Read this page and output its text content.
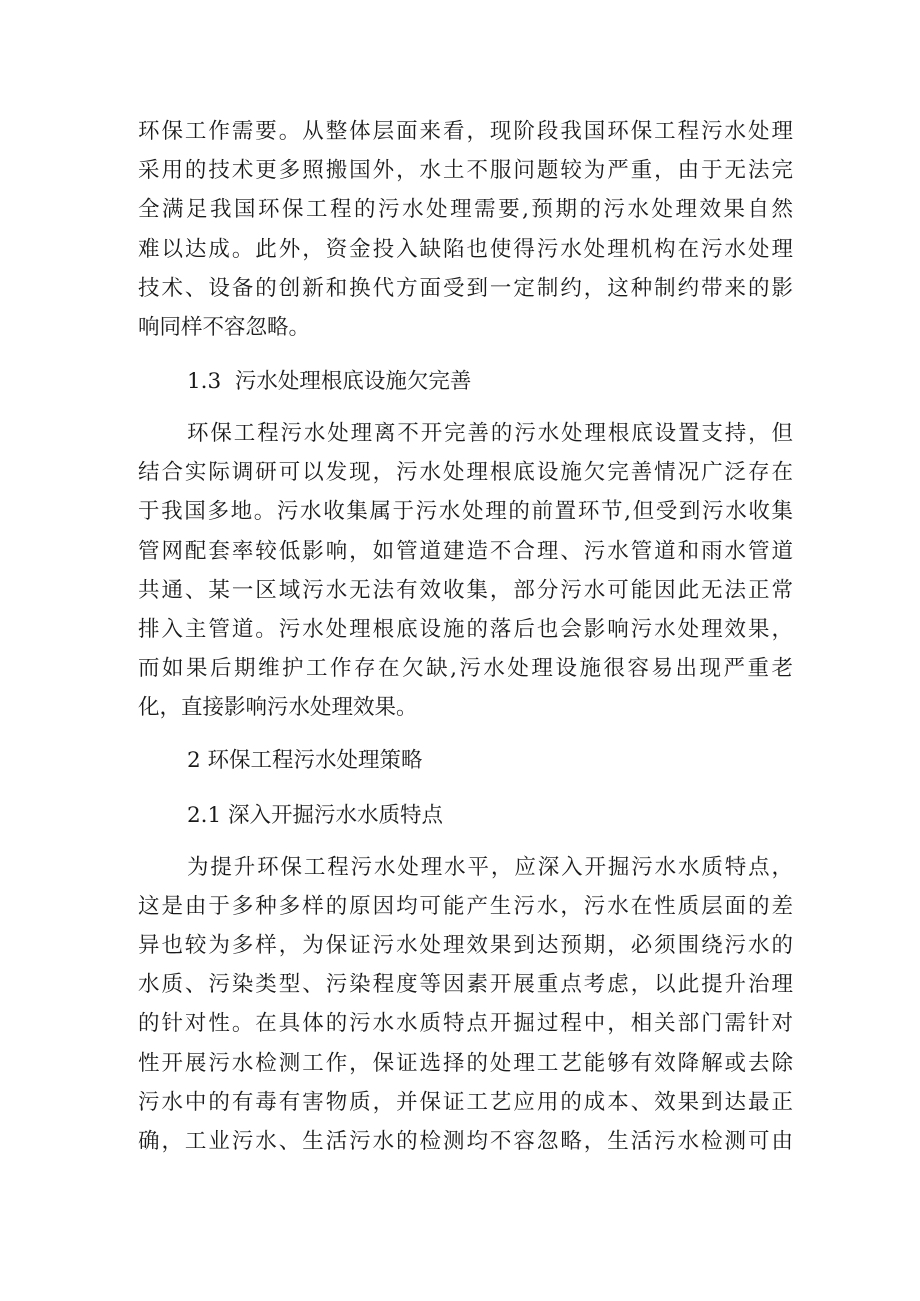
环保工作需要。从整体层面来看，现阶段我国环保工程污水处理
采用的技术更多照搬国外，水土不服问题较为严重，由于无法完
全满足我国环保工程的污水处理需要,预期的污水处理效果自然
难以达成。此外，资金投入缺陷也使得污水处理机构在污水处理
技术、设备的创新和换代方面受到一定制约，这种制约带来的影
响同样不容忽略。
1.3  污水处理根底设施欠完善
环保工程污水处理离不开完善的污水处理根底设置支持，但
结合实际调研可以发现，污水处理根底设施欠完善情况广泛存在
于我国多地。污水收集属于污水处理的前置环节,但受到污水收集
管网配套率较低影响，如管道建造不合理、污水管道和雨水管道
共通、某一区域污水无法有效收集，部分污水可能因此无法正常
排入主管道。污水处理根底设施的落后也会影响污水处理效果，
而如果后期维护工作存在欠缺,污水处理设施很容易出现严重老
化，直接影响污水处理效果。
2 环保工程污水处理策略
2.1 深入开掘污水水质特点
为提升环保工程污水处理水平，应深入开掘污水水质特点，
这是由于多种多样的原因均可能产生污水，污水在性质层面的差
异也较为多样，为保证污水处理效果到达预期，必须围绕污水的
水质、污染类型、污染程度等因素开展重点考虑，以此提升治理
的针对性。在具体的污水水质特点开掘过程中，相关部门需针对
性开展污水检测工作，保证选择的处理工艺能够有效降解或去除
污水中的有毒有害物质，并保证工艺应用的成本、效果到达最正
确，工业污水、生活污水的检测均不容忽略，生活污水检测可由
